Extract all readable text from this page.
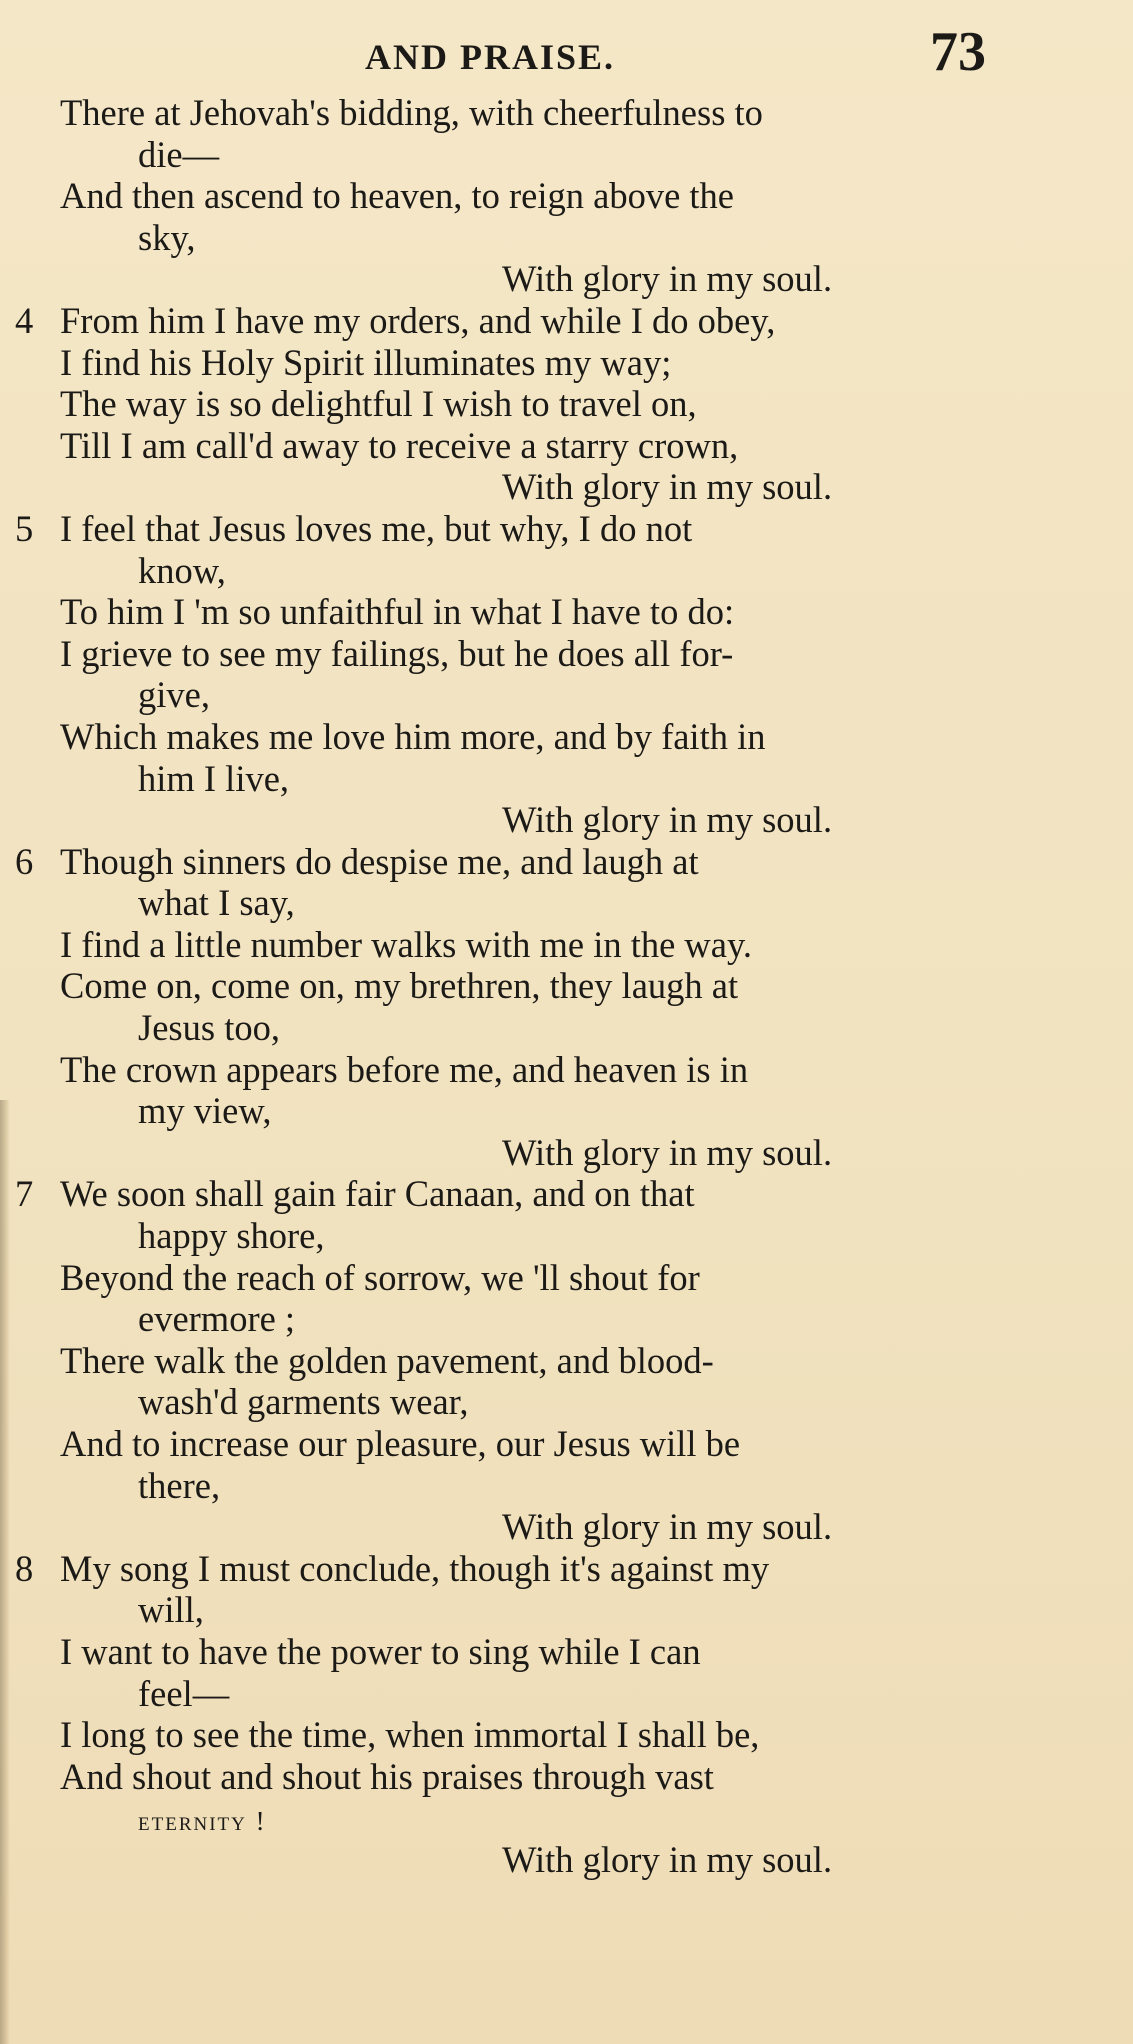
AND PRAISE.	73
There at Jehovah's bidding, with cheerfulness to
die—
And then ascend to heaven, to reign above the
sky,
With glory in my soul.
4 From him I have my orders, and while I do obey,
I find his Holy Spirit illuminates my way;
The way is so delightful I wish to travel on,
Till I am call'd away to receive a starry crown,
With glory in my soul.
5 I feel that Jesus loves me, but why, I do not
know,
To him I 'm so unfaithful in what I have to do:
I grieve to see my failings, but he does all for-
give,
Which makes me love him more, and by faith in
him I live,
With glory in my soul.
6 Though sinners do despise me, and laugh at
what I say,
I find a little number walks with me in the way.
Come on, come on, my brethren, they laugh at
Jesus too,
The crown appears before me, and heaven is in
my view,
With glory in my soul.
7 We soon shall gain fair Canaan, and on that
happy shore,
Beyond the reach of sorrow, we 'll shout for
evermore ;
There walk the golden pavement, and blood-
wash'd garments wear,
And to increase our pleasure, our Jesus will be
there,
With glory in my soul.
8 My song I must conclude, though it's against my
will,
I want to have the power to sing while I can
feel—
I long to see the time, when immortal I shall be,
And shout and shout his praises through vast
eternity !
With glory in my soul.
